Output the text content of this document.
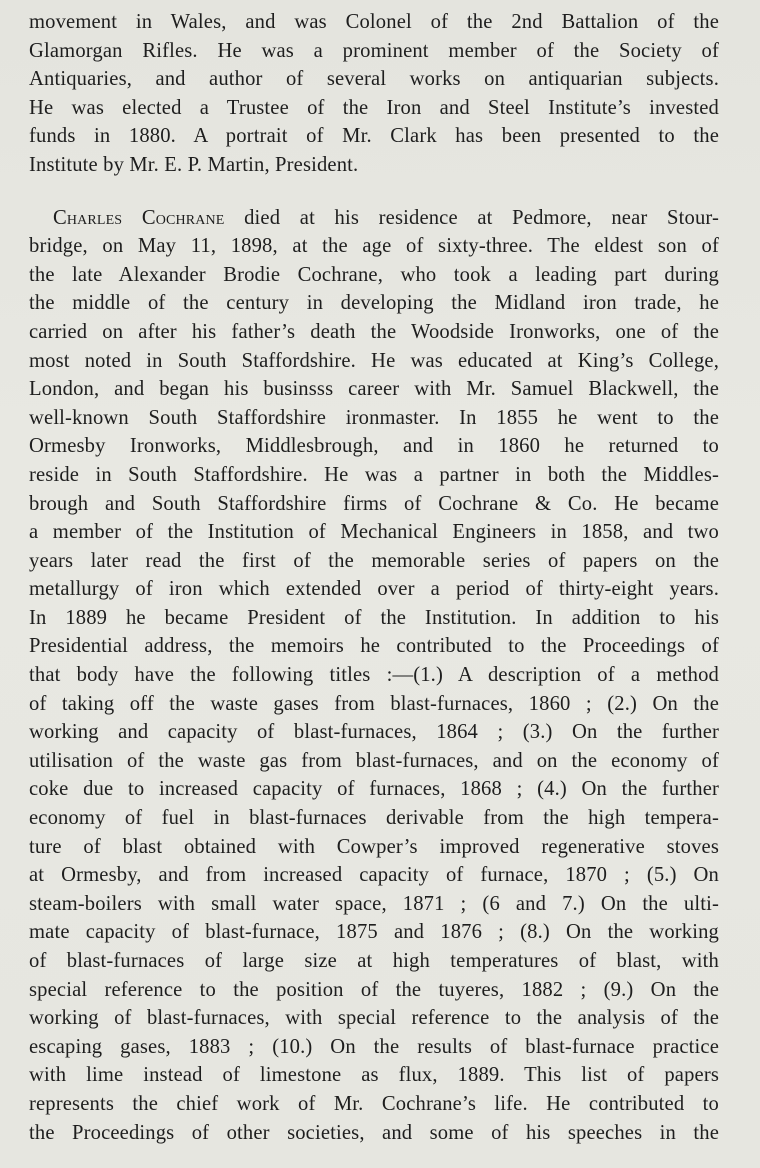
movement in Wales, and was Colonel of the 2nd Battalion of the
Glamorgan Rifles. He was a prominent member of the Society of
Antiquaries, and author of several works on antiquarian subjects.
He was elected a Trustee of the Iron and Steel Institute’s invested
funds in 1880. A portrait of Mr. Clark has been presented to the
Institute by Mr. E. P. Martin, President.

Charles Cochrane died at his residence at Pedmore, near Stour-
bridge, on May 11, 1898, at the age of sixty-three. The eldest son of
the late Alexander Brodie Cochrane, who took a leading part during
the middle of the century in developing the Midland iron trade, he
carried on after his father’s death the Woodside Ironworks, one of the
most noted in South Staffordshire. He was educated at King’s College,
London, and began his businsss career with Mr. Samuel Blackwell, the
well-known South Staffordshire ironmaster. In 1855 he went to the
Ormesby Ironworks, Middlesbrough, and in 1860 he returned to
reside in South Staffordshire. He was a partner in both the Middles-
brough and South Staffordshire firms of Cochrane & Co. He became
a member of the Institution of Mechanical Engineers in 1858, and two
years later read the first of the memorable series of papers on the
metallurgy of iron which extended over a period of thirty-eight years.
In 1889 he became President of the Institution. In addition to his
Presidential address, the memoirs he contributed to the Proceedings of
that body have the following titles :—(1.) A description of a method
of taking off the waste gases from blast-furnaces, 1860 ; (2.) On the
working and capacity of blast-furnaces, 1864 ; (3.) On the further
utilisation of the waste gas from blast-furnaces, and on the economy of
coke due to increased capacity of furnaces, 1868 ; (4.) On the further
economy of fuel in blast-furnaces derivable from the high tempera-
ture of blast obtained with Cowper’s improved regenerative stoves
at Ormesby, and from increased capacity of furnace, 1870 ; (5.) On
steam-boilers with small water space, 1871 ; (6 and 7.) On the ulti-
mate capacity of blast-furnace, 1875 and 1876 ; (8.) On the working
of blast-furnaces of large size at high temperatures of blast, with
special reference to the position of the tuyeres, 1882 ; (9.) On the
working of blast-furnaces, with special reference to the analysis of the
escaping gases, 1883 ; (10.) On the results of blast-furnace practice
with lime instead of limestone as flux, 1889. This list of papers
represents the chief work of Mr. Cochrane’s life. He contributed to
the Proceedings of other societies, and some of his speeches in the
